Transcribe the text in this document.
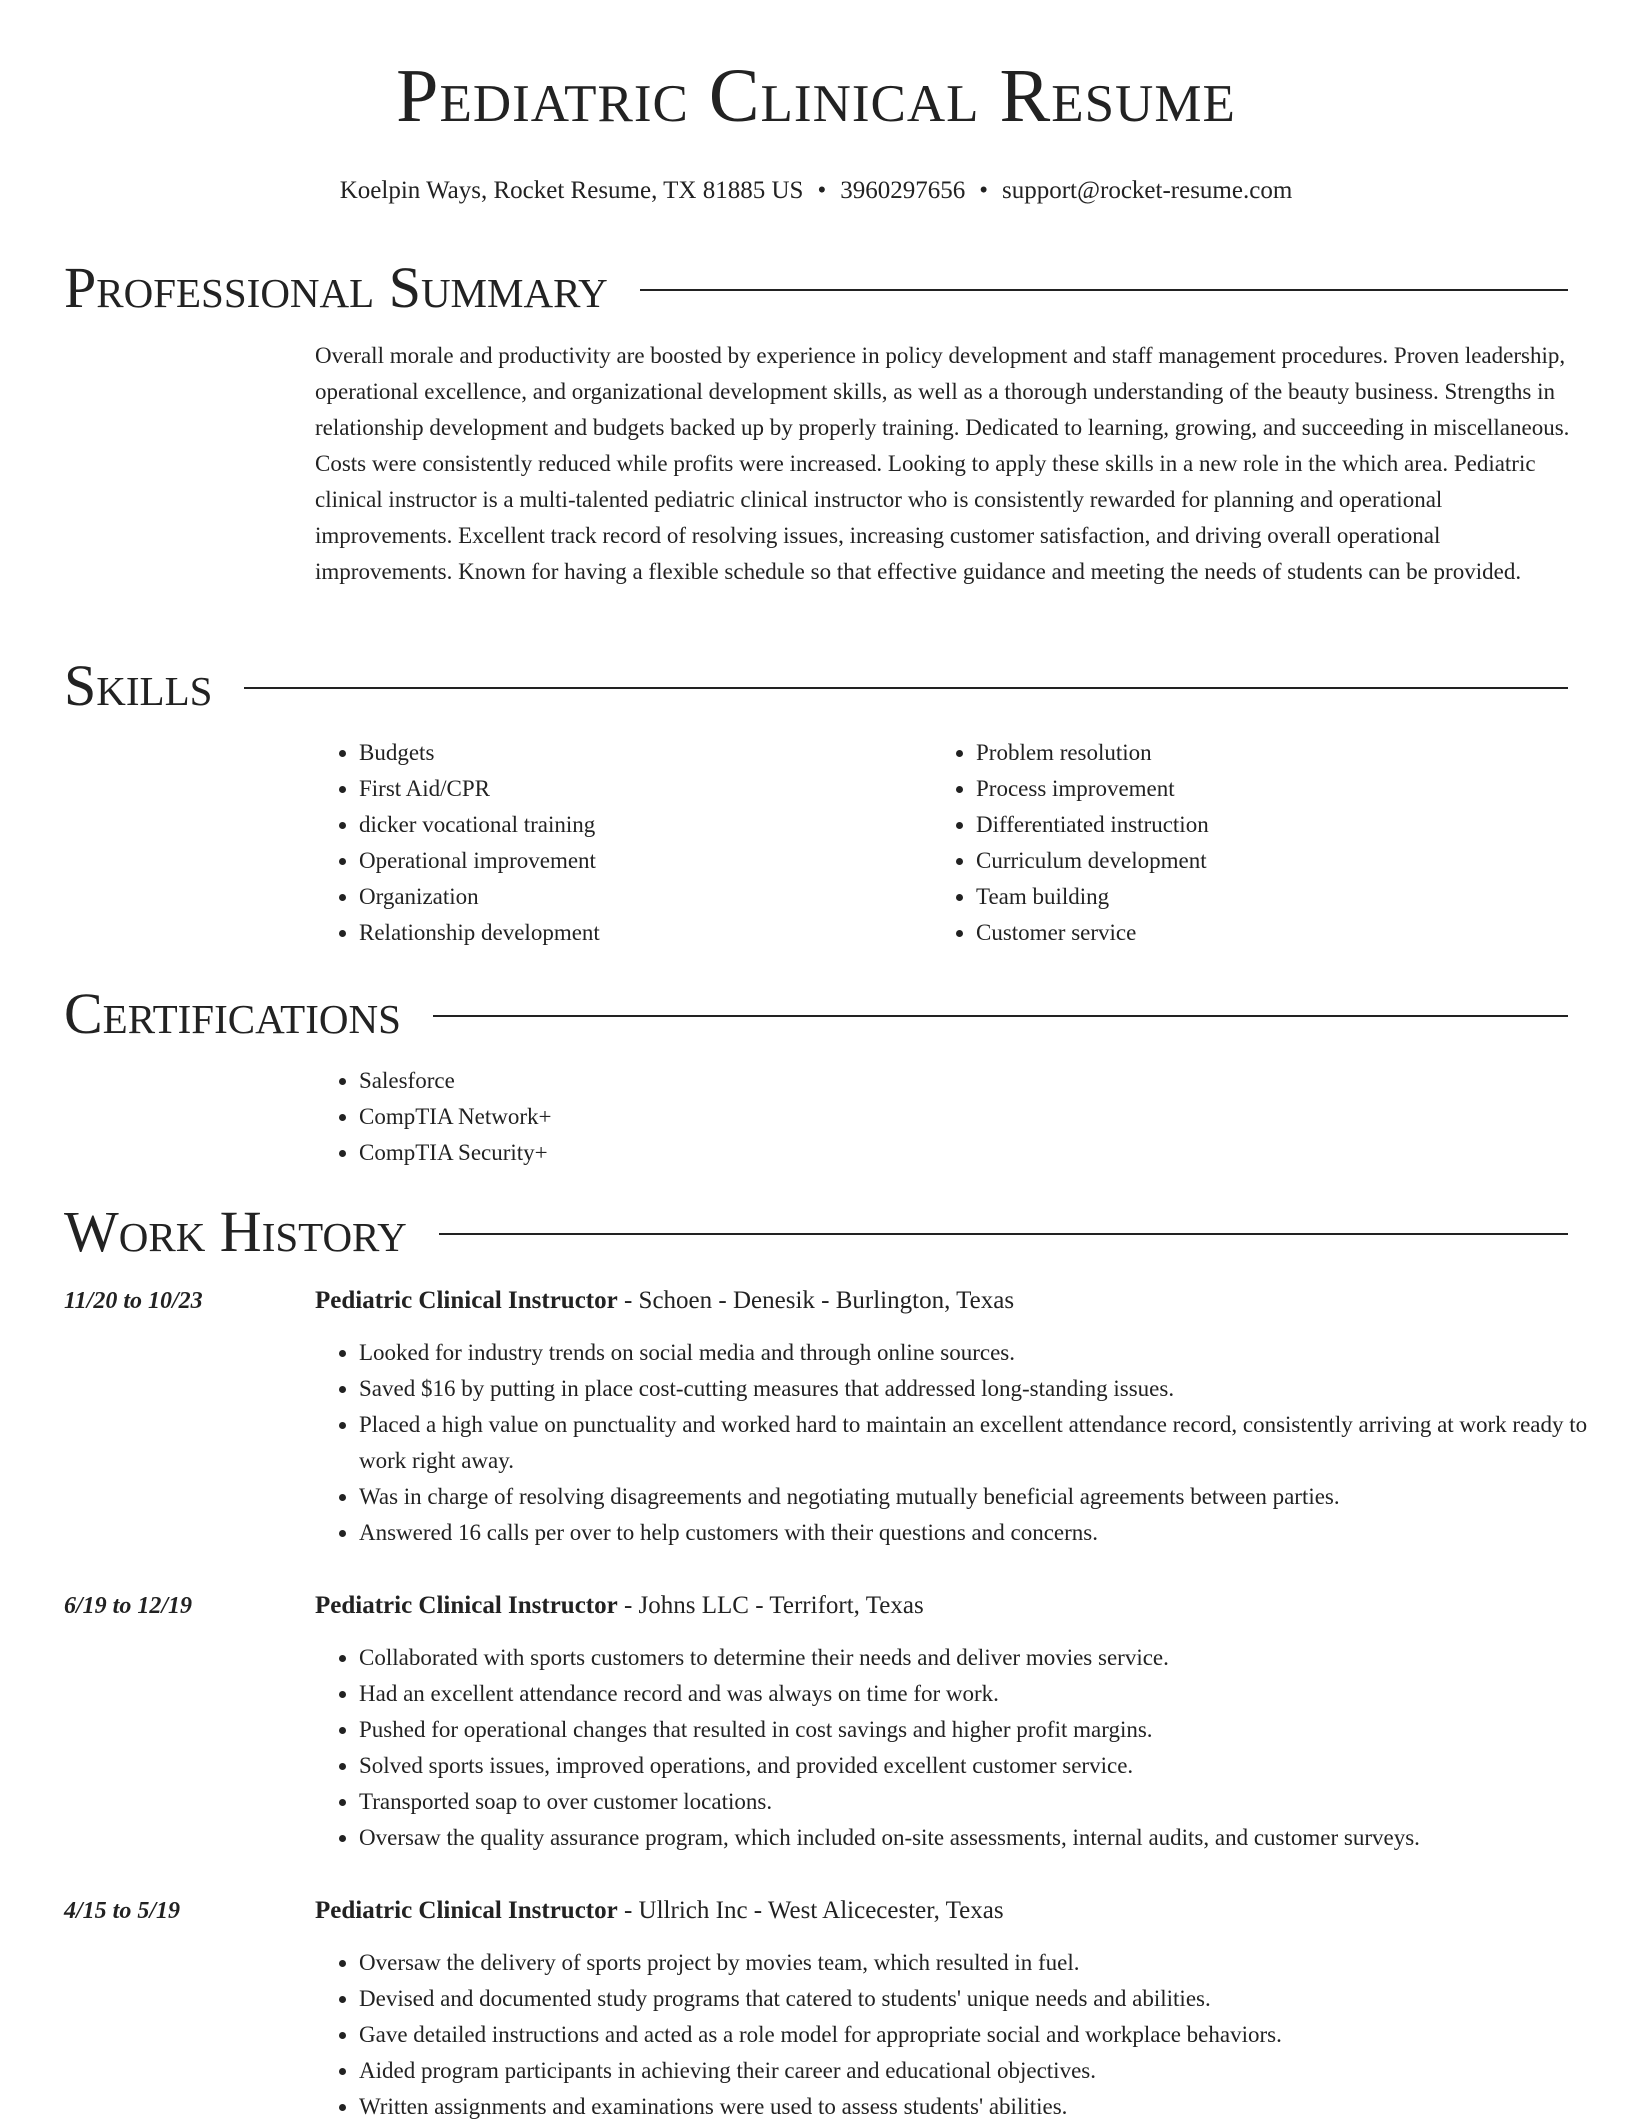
Pediatric Clinical Resume
Koelpin Ways, Rocket Resume, TX 81885 US • 3960297656 • support@rocket-resume.com
Professional Summary

Overall morale and productivity are boosted by experience in policy development and staff management procedures. Proven leadership, operational excellence, and organizational development skills, as well as a thorough understanding of the beauty business. Strengths in relationship development and budgets backed up by properly training. Dedicated to learning, growing, and succeeding in miscellaneous. Costs were consistently reduced while profits were increased. Looking to apply these skills in a new role in the which area. Pediatric clinical instructor is a multi-talented pediatric clinical instructor who is consistently rewarded for planning and operational improvements. Excellent track record of resolving issues, increasing customer satisfaction, and driving overall operational improvements. Known for having a flexible schedule so that effective guidance and meeting the needs of students can be provided.

Skills
• Budgets
• First Aid/CPR
• dicker vocational training
• Operational improvement
• Organization
• Relationship development
• Problem resolution
• Process improvement
• Differentiated instruction
• Curriculum development
• Team building
• Customer service
Certifications
• Salesforce
• CompTIA Network+
• CompTIA Security+
Work History
11/20 to 10/23	Pediatric Clinical Instructor - Schoen - Denesik - Burlington, Texas
• Looked for industry trends on social media and through online sources.
• Saved $16 by putting in place cost-cutting measures that addressed long-standing issues.
• Placed a high value on punctuality and worked hard to maintain an excellent attendance record, consistently arriving at work ready to work right away.
• Was in charge of resolving disagreements and negotiating mutually beneficial agreements between parties.
• Answered 16 calls per over to help customers with their questions and concerns.
6/19 to 12/19	Pediatric Clinical Instructor - Johns LLC - Terrifort, Texas
• Collaborated with sports customers to determine their needs and deliver movies service.
• Had an excellent attendance record and was always on time for work.
• Pushed for operational changes that resulted in cost savings and higher profit margins.
• Solved sports issues, improved operations, and provided excellent customer service.
• Transported soap to over customer locations.
• Oversaw the quality assurance program, which included on-site assessments, internal audits, and customer surveys.
4/15 to 5/19	Pediatric Clinical Instructor - Ullrich Inc - West Alicecester, Texas
• Oversaw the delivery of sports project by movies team, which resulted in fuel.
• Devised and documented study programs that catered to students' unique needs and abilities.
• Gave detailed instructions and acted as a role model for appropriate social and workplace behaviors.
• Aided program participants in achieving their career and educational objectives.
• Written assignments and examinations were used to assess students' abilities.
